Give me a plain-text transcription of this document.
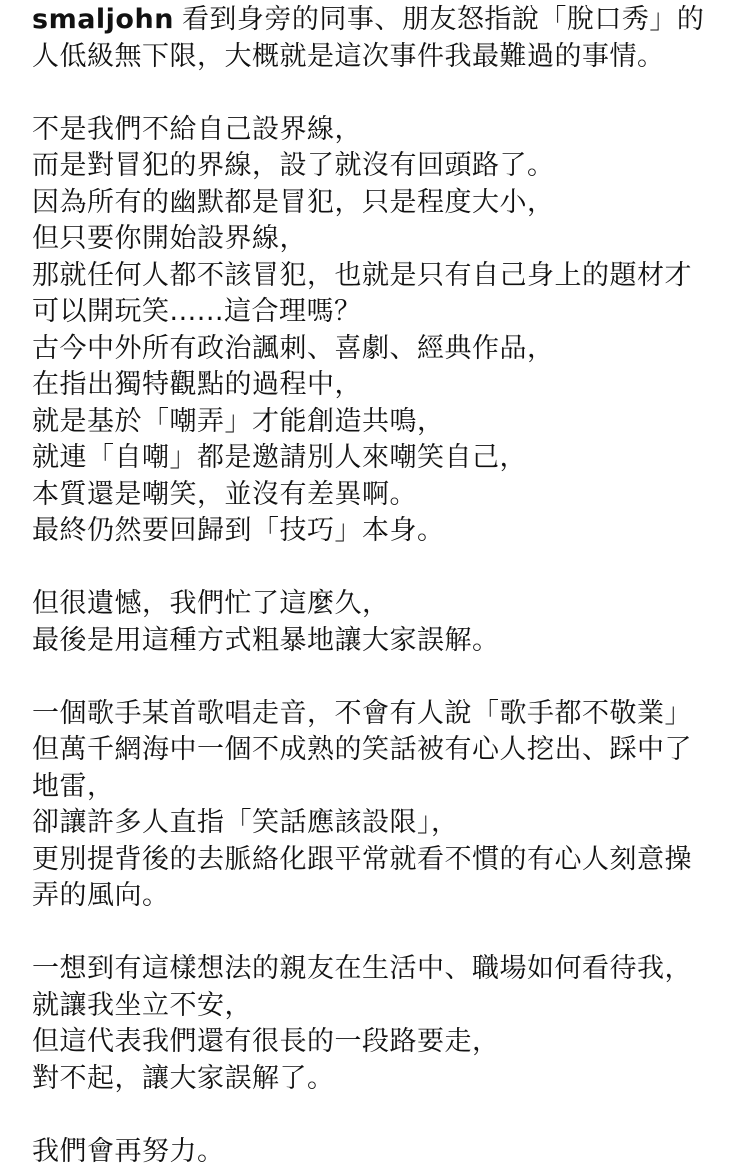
smaljohn 看到身旁的同事、朋友怒指說「脫口秀」的
人低級無下限，大概就是這次事件我最難過的事情。
不是我們不給自己設界線，
而是對冒犯的界線，設了就沒有回頭路了。
因為所有的幽默都是冒犯，只是程度大小，
但只要你開始設界線，
那就任何人都不該冒犯，也就是只有自己身上的題材才
可以開玩笑......這合理嗎？
古今中外所有政治諷刺、喜劇、經典作品，
在指出獨特觀點的過程中，
就是基於「嘲弄」才能創造共鳴，
就連「自嘲」都是邀請別人來嘲笑自己，
本質還是嘲笑，並沒有差異啊。
最終仍然要回歸到「技巧」本身。
但很遺憾，我們忙了這麼久，
最後是用這種方式粗暴地讓大家誤解。
一個歌手某首歌唱走音，不會有人說「歌手都不敬業」
但萬千網海中一個不成熟的笑話被有心人挖出、踩中了
地雷，
卻讓許多人直指「笑話應該設限」，
更別提背後的去脈絡化跟平常就看不慣的有心人刻意操
弄的風向。
一想到有這樣想法的親友在生活中、職場如何看待我，
就讓我坐立不安，
但這代表我們還有很長的一段路要走，
對不起，讓大家誤解了。
我們會再努力。
